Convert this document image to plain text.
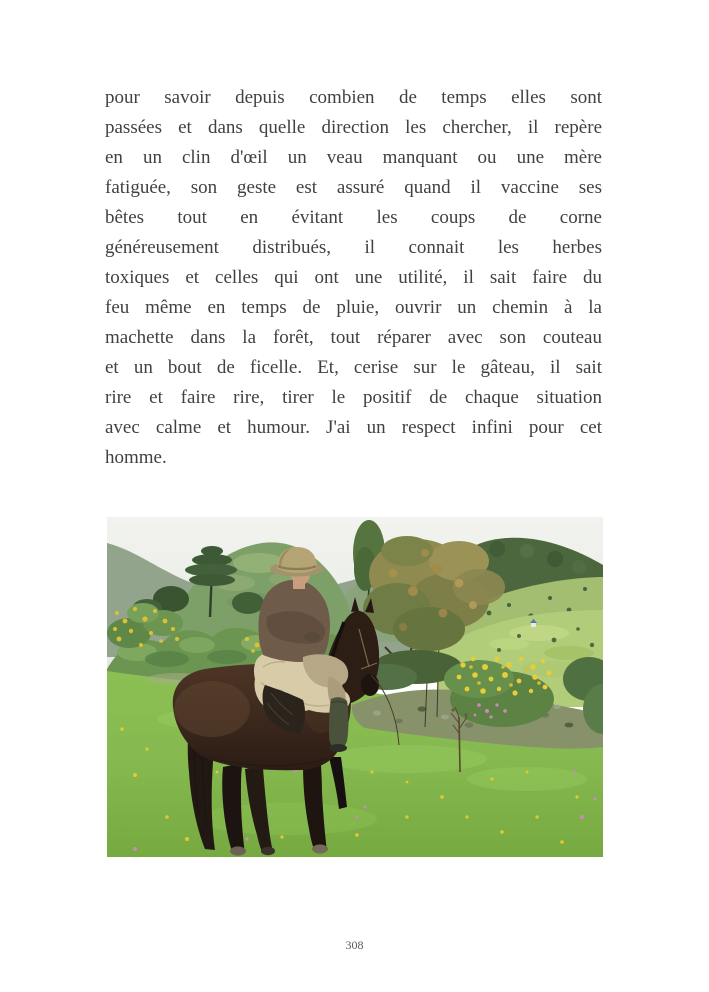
pour savoir depuis combien de temps elles sont
passées et dans quelle direction les chercher, il repère
en un clin d'œil un veau manquant ou une mère
fatiguée, son geste est assuré quand il vaccine ses
bêtes tout en évitant les coups de corne
généreusement distribués, il connait les herbes
toxiques et celles qui ont une utilité, il sait faire du
feu même en temps de pluie, ouvrir un chemin à la
machette dans la forêt, tout réparer avec son couteau
et un bout de ficelle. Et, cerise sur le gâteau, il sait
rire et faire rire, tirer le positif de chaque situation
avec calme et humour. J'ai un respect infini pour cet
homme.
308
